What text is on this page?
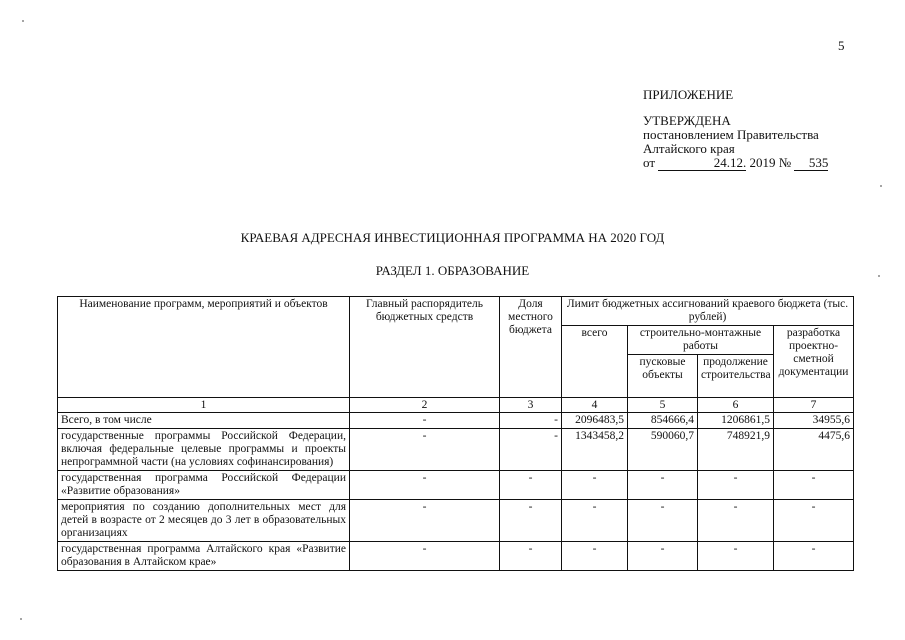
5
ПРИЛОЖЕНИЕ
УТВЕРЖДЕНА
постановлением Правительства
Алтайского края
от	24.12. 2019 № 535
КРАЕВАЯ АДРЕСНАЯ ИНВЕСТИЦИОННАЯ ПРОГРАММА НА 2020 ГОД
РАЗДЕЛ 1. ОБРАЗОВАНИЕ
Наименование программ, мероприятий и объектов	Главный распорядитель бюджетных средств	Доля местного бюджета	Лимит бюджетных ассигнований краевого бюджета (тыс. рублей)			
			всего	строительно-монтажные работы		разработка проектно-сметной документации
				пусковые объекты	продолжение строительства	
1	2	3	4	5	6	7
Всего, в том числе	-	-	2096483,5	854666,4	1206861,5	34955,6
государственные программы Российской Федерации, включая федеральные целевые программы и проекты непрограммной части (на условиях софинансирования)	-	-	1343458,2	590060,7	748921,9	4475,6
государственная программа Российской Федерации «Развитие образования»	-	-	-	-	-	-
мероприятия по созданию дополнительных мест для детей в возрасте от 2 месяцев до 3 лет в образовательных организациях	-	-	-	-	-	-
государственная программа Алтайского края «Развитие образования в Алтайском крае»	-	-	-	-	-	-
